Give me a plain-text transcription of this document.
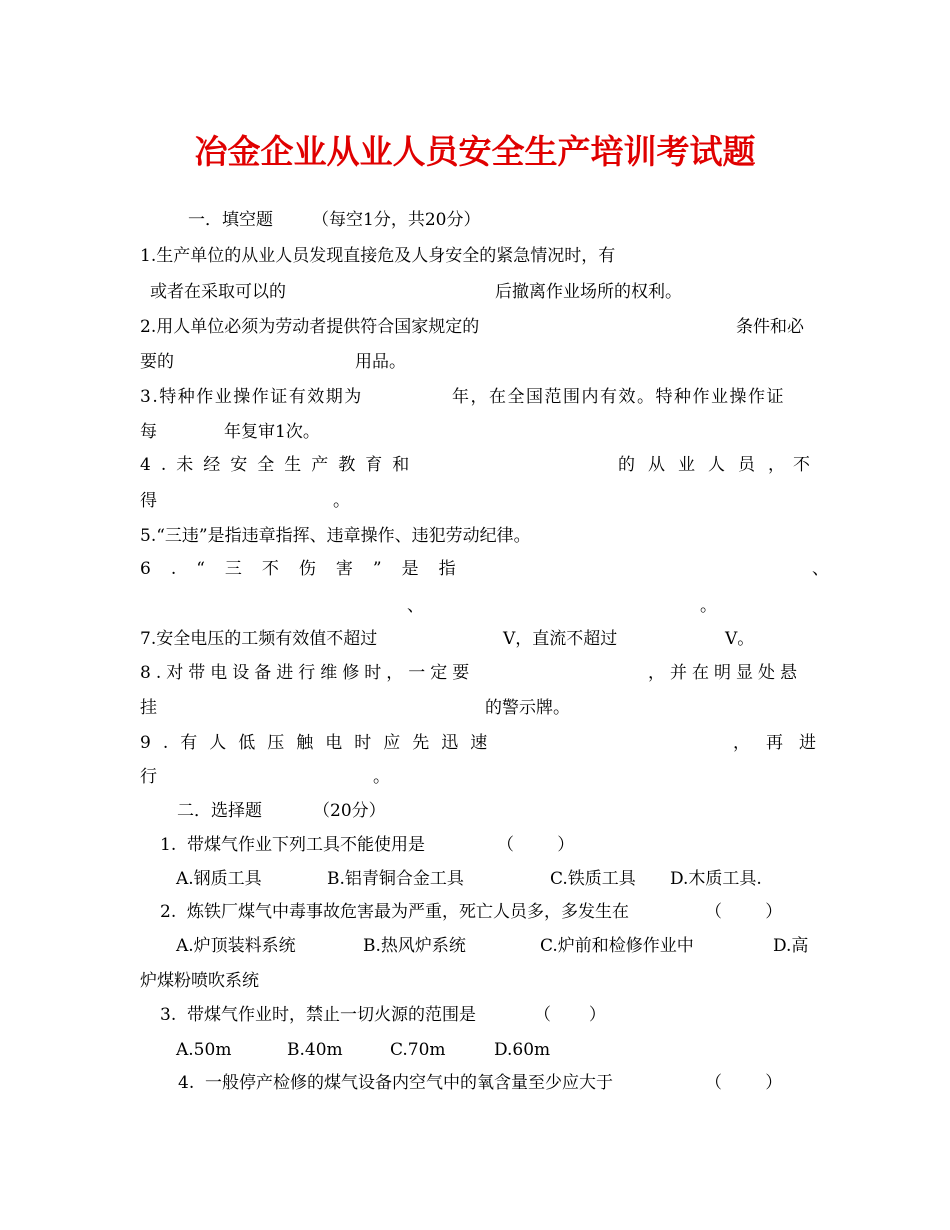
冶金企业从业人员安全生产培训考试题
一．填空题 （每空1分，共20分）
1.生产单位的从业人员发现直接危及人身安全的紧急情况时，有
或者在采取可以的	后撤离作业场所的权利。
2.用人单位必须为劳动者提供符合国家规定的	条件和必
要的	用品。
3.特种作业操作证有效期为	年，在全国范围内有效。特种作业操作证
每	年复审1次。
4.未经安全生产教育和	的从业人员，
不
得	。
5.“三违”是指违章指挥、违章操作、违犯劳动纪律。
6.“三不伤害”是指	、
、	。
7.安全电压的工频有效值不超过	V，直流不超过	V。
8.对带电设备进行维修时，一定要	，并在明显处悬
挂	的警示牌。
9.有人低压触电时应先迅速	，再进
行	。
二．选择题	（20分）
1.  带煤气作业下列工具不能使用是	（        ）
A.钢质工具	B.铝青铜合金工具	C.铁质工具 D.木质工具.
2.  炼铁厂煤气中毒事故危害最为严重，死亡人员多，多发生在	（        ）
A.炉顶装料系统	B.热风炉系统	C.炉前和检修作业中	D.高
炉煤粉喷吹系统
3.  带煤气作业时，禁止一切火源的范围是	（       ）
A.50m	B.40m	C.70m	D.60m
4.  一般停产检修的煤气设备内空气中的氧含量至少应大于	（        ）
